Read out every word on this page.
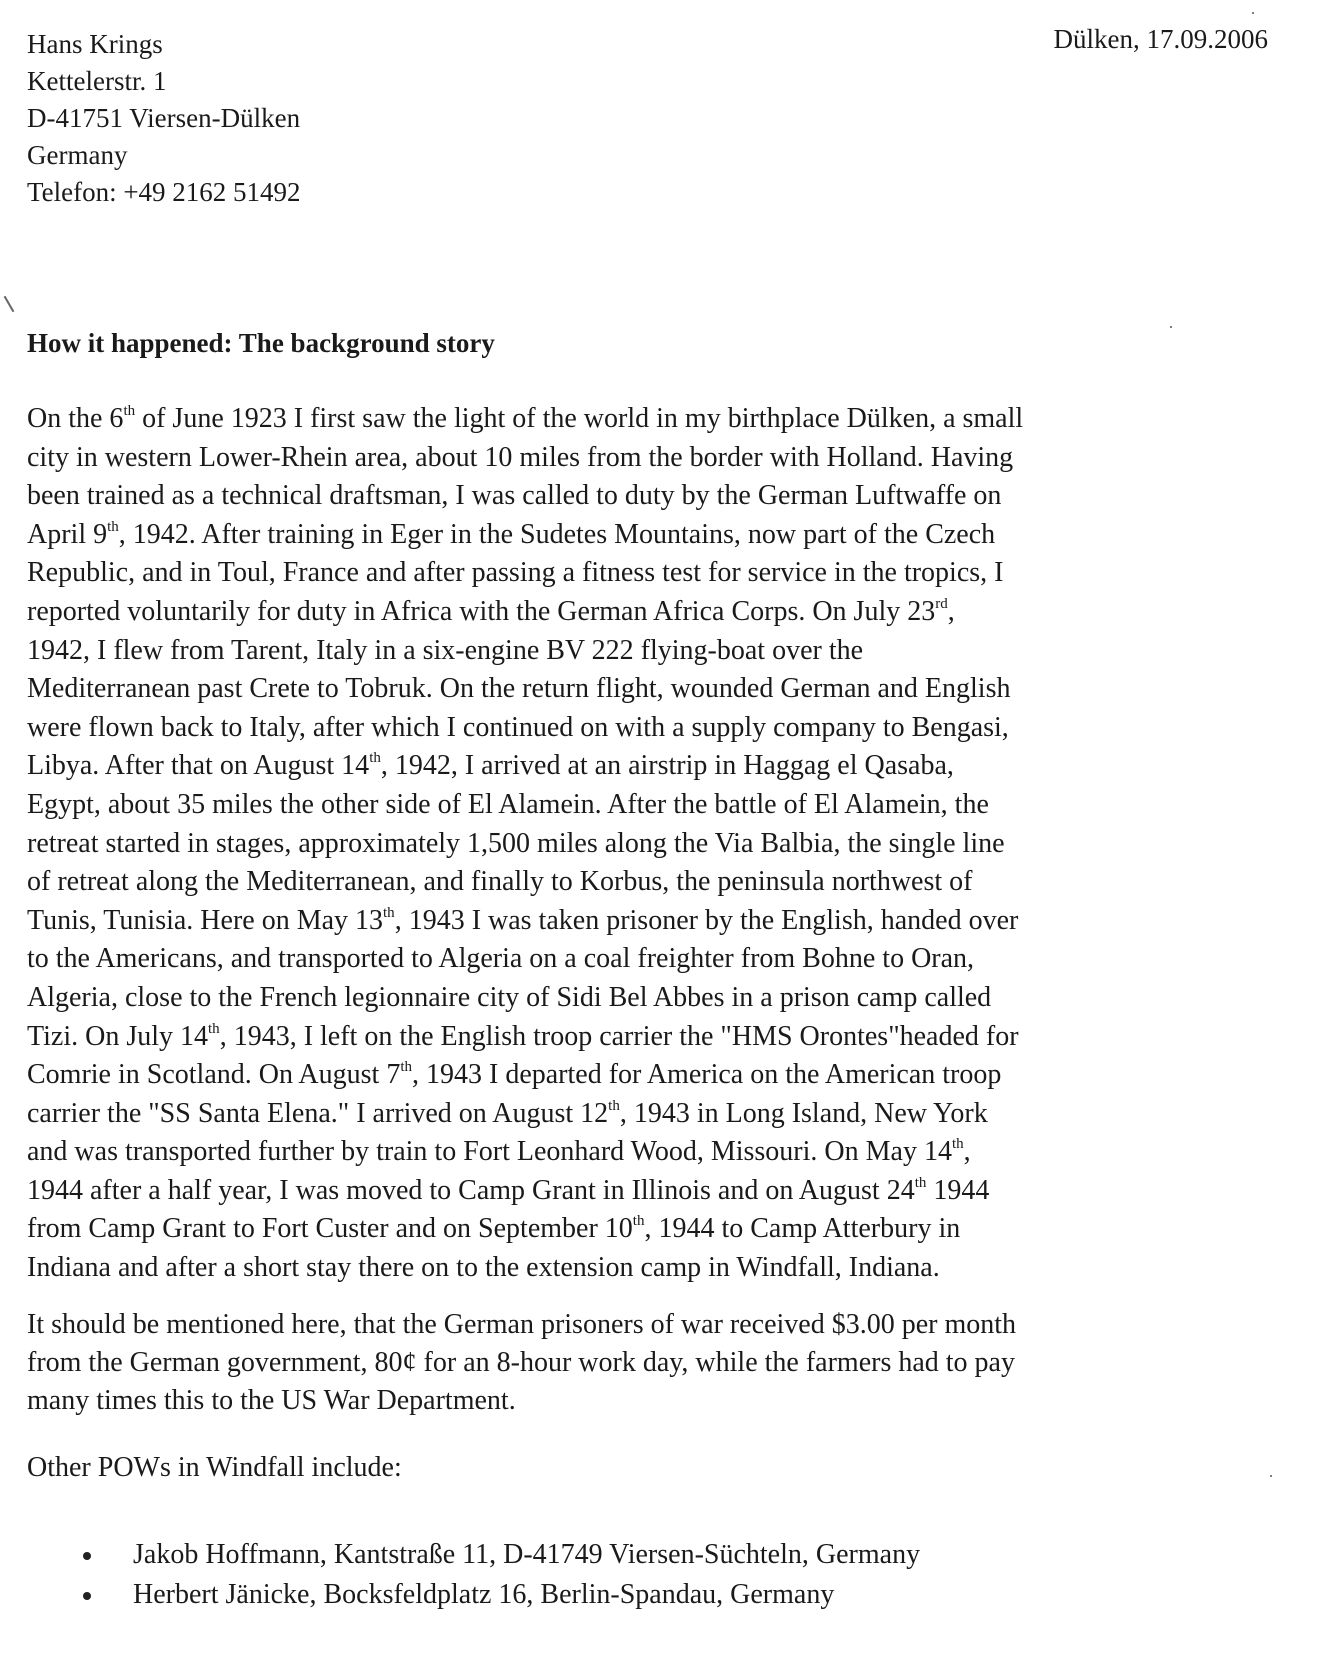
Hans Krings
Kettelerstr. 1
D-41751 Viersen-Dülken
Germany
Telefon: +49 2162 51492
Dülken, 17.09.2006
How it happened: The background story
On the 6th of June 1923 I first saw the light of the world in my birthplace Dülken, a small
city in western Lower-Rhein area, about 10 miles from the border with Holland. Having
been trained as a technical draftsman, I was called to duty by the German Luftwaffe on
April 9th, 1942. After training in Eger in the Sudetes Mountains, now part of the Czech
Republic, and in Toul, France and after passing a fitness test for service in the tropics, I
reported voluntarily for duty in Africa with the German Africa Corps. On July 23rd,
1942, I flew from Tarent, Italy in a six-engine BV 222 flying-boat over the
Mediterranean past Crete to Tobruk. On the return flight, wounded German and English
were flown back to Italy, after which I continued on with a supply company to Bengasi,
Libya. After that on August 14th, 1942, I arrived at an airstrip in Haggag el Qasaba,
Egypt, about 35 miles the other side of El Alamein. After the battle of El Alamein, the
retreat started in stages, approximately 1,500 miles along the Via Balbia, the single line
of retreat along the Mediterranean, and finally to Korbus, the peninsula northwest of
Tunis, Tunisia. Here on May 13th, 1943 I was taken prisoner by the English, handed over
to the Americans, and transported to Algeria on a coal freighter from Bohne to Oran,
Algeria, close to the French legionnaire city of Sidi Bel Abbes in a prison camp called
Tizi. On July 14th, 1943, I left on the English troop carrier the "HMS Orontes"headed for
Comrie in Scotland. On August 7th, 1943 I departed for America on the American troop
carrier the "SS Santa Elena." I arrived on August 12th, 1943 in Long Island, New York
and was transported further by train to Fort Leonhard Wood, Missouri. On May 14th,
1944 after a half year, I was moved to Camp Grant in Illinois and on August 24th 1944
from Camp Grant to Fort Custer and on September 10th, 1944 to Camp Atterbury in
Indiana and after a short stay there on to the extension camp in Windfall, Indiana.
It should be mentioned here, that the German prisoners of war received $3.00 per month
from the German government, 80¢ for an 8-hour work day, while the farmers had to pay
many times this to the US War Department.
Other POWs in Windfall include:
Jakob Hoffmann, Kantstraße 11, D-41749 Viersen-Süchteln, Germany
Herbert Jänicke, Bocksfeldplatz 16, Berlin-Spandau, Germany
